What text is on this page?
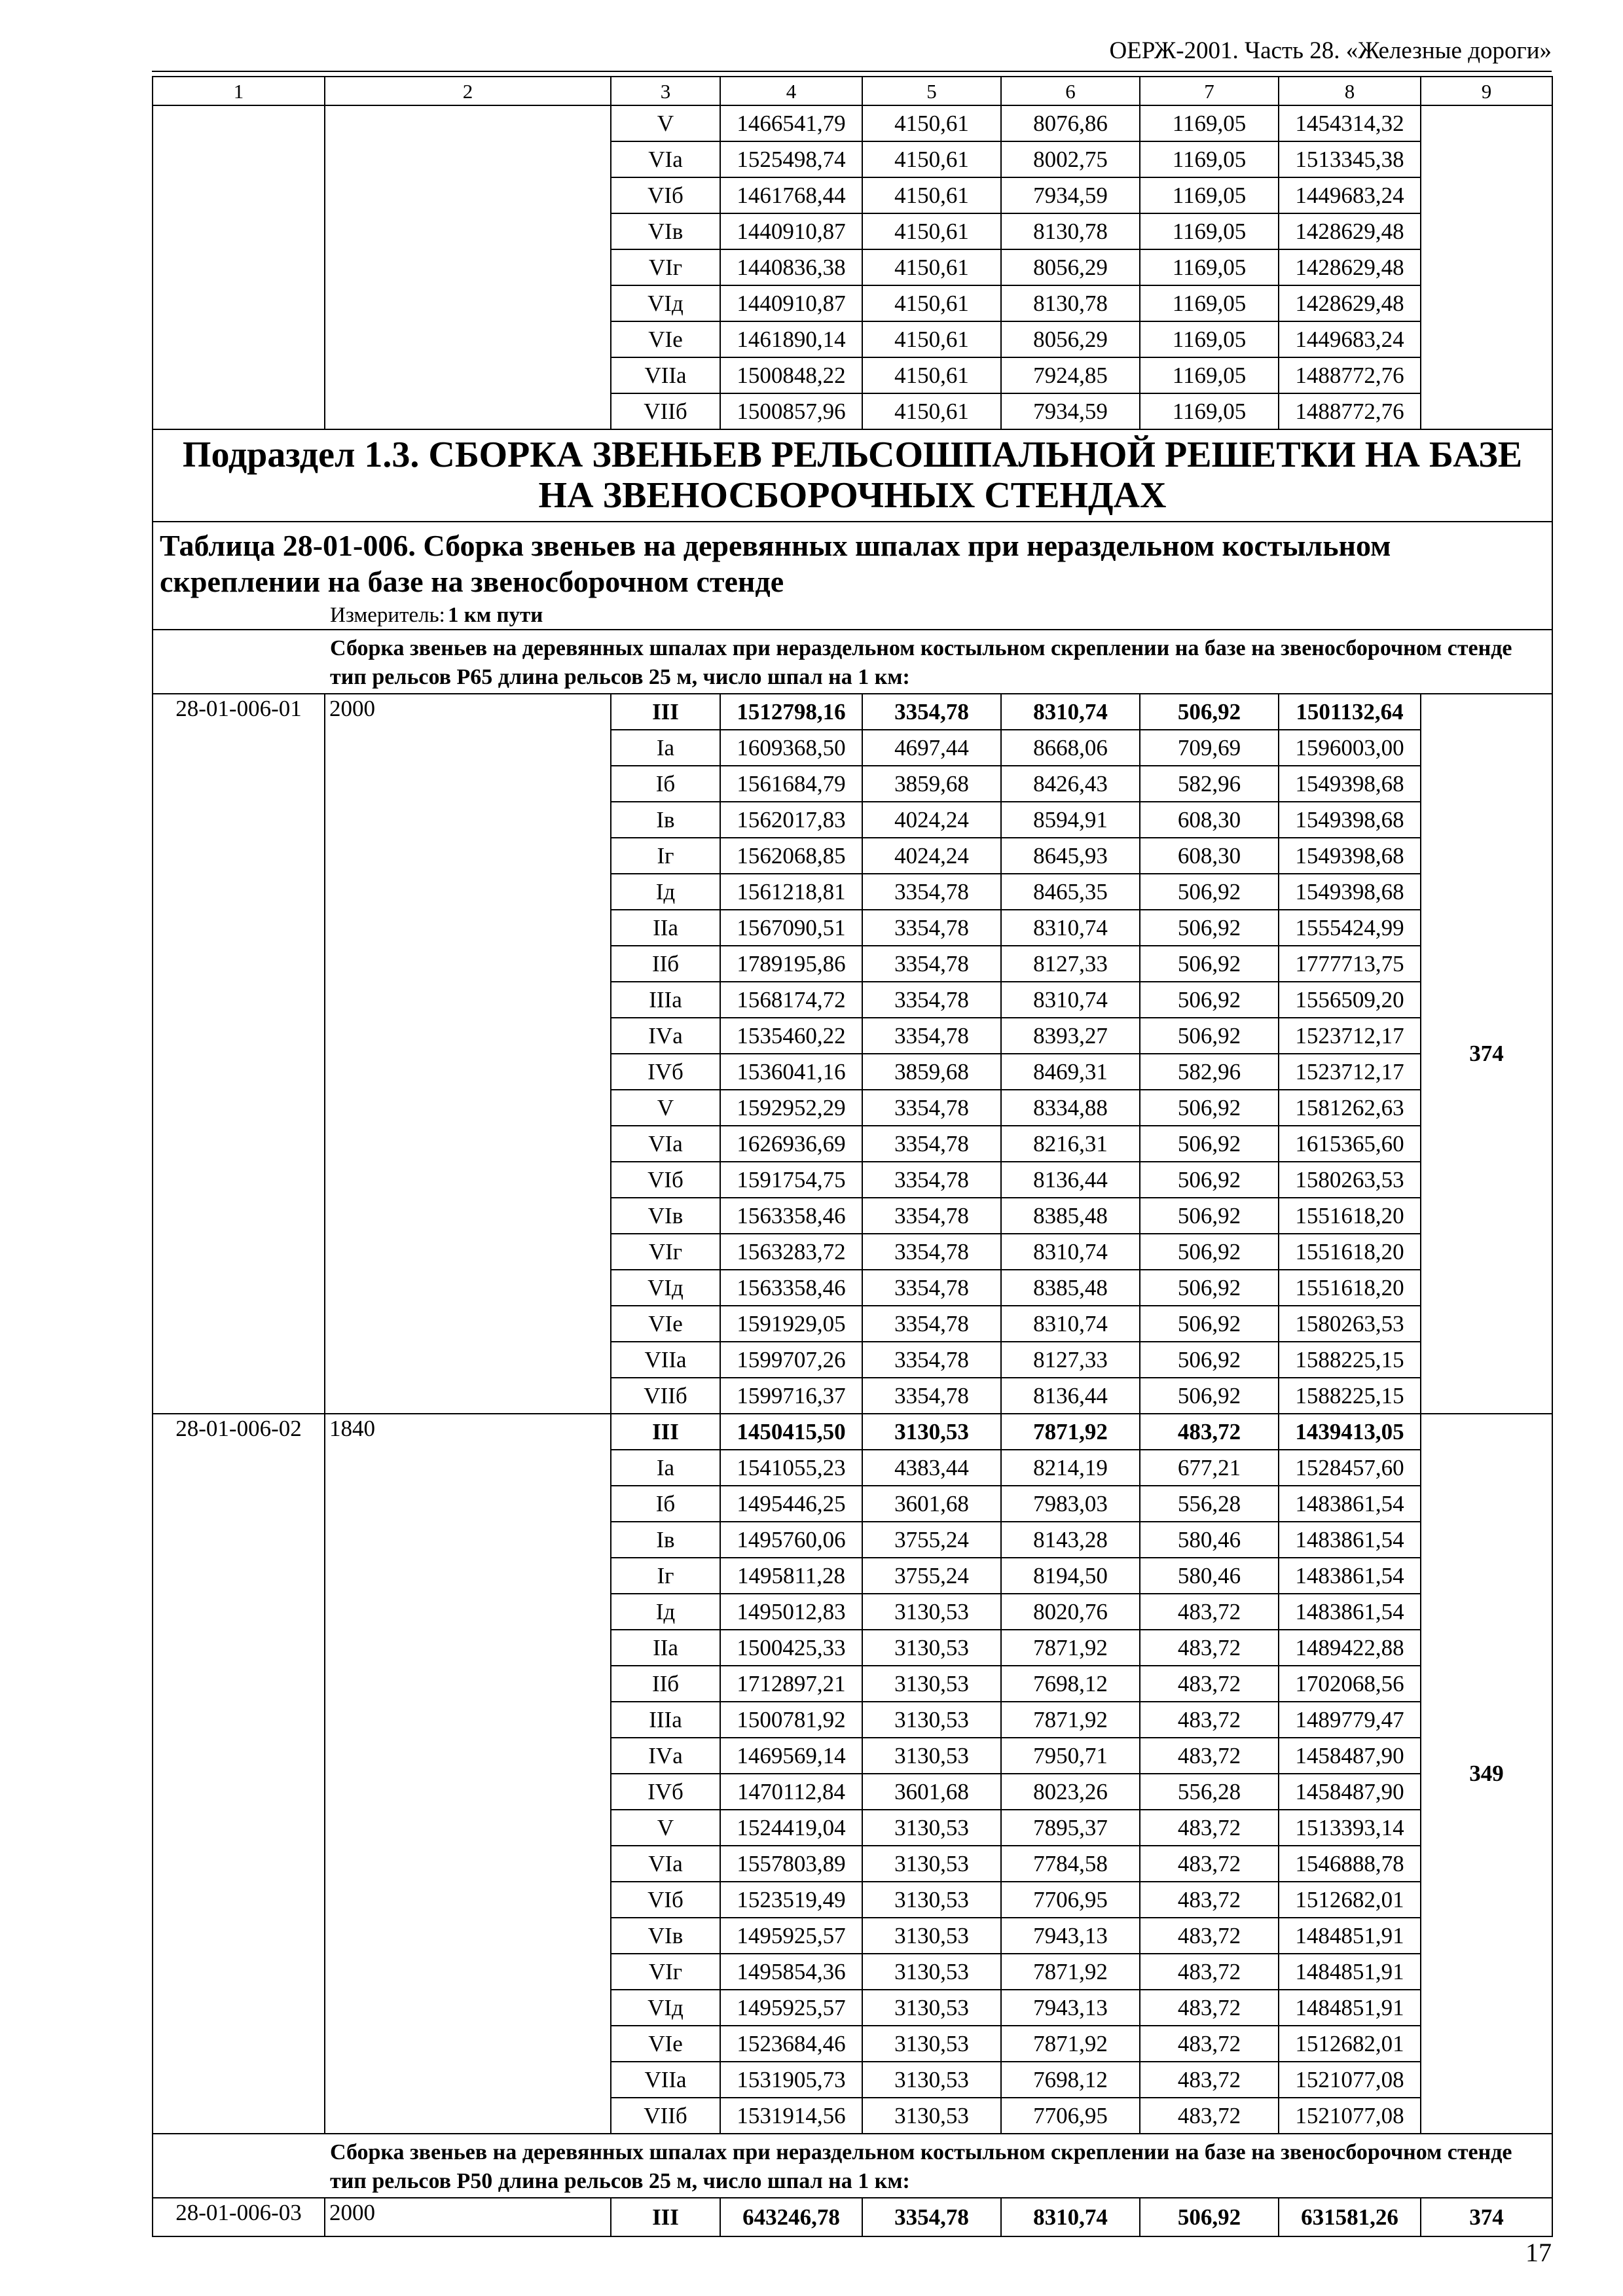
ОЕРЖ-2001. Часть 28. «Железные дороги»
1	2	3	4	5	6	7	8	9
		V	1466541,79	4150,61	8076,86	1169,05	1454314,32	
		VIа	1525498,74	4150,61	8002,75	1169,05	1513345,38	
		VIб	1461768,44	4150,61	7934,59	1169,05	1449683,24	
		VIв	1440910,87	4150,61	8130,78	1169,05	1428629,48	
		VIг	1440836,38	4150,61	8056,29	1169,05	1428629,48	
		VIд	1440910,87	4150,61	8130,78	1169,05	1428629,48	
		VIе	1461890,14	4150,61	8056,29	1169,05	1449683,24	
		VIIа	1500848,22	4150,61	7924,85	1169,05	1488772,76	
		VIIб	1500857,96	4150,61	7934,59	1169,05	1488772,76	
Подраздел 1.3. СБОРКА ЗВЕНЬЕВ РЕЛЬСОШПАЛЬНОЙ РЕШЕТКИ НА БАЗЕ НА ЗВЕНОСБОРОЧНЫХ СТЕНДАХ								
Таблица 28-01-006. Сборка звеньев на деревянных шпалах при нераздельном костыльном скреплении на базе на звеносборочном стенде								
Измеритель: 1 км пути								
Сборка звеньев на деревянных шпалах при нераздельном костыльном скреплении на базе на звеносборочном стенде тип рельсов Р65 длина рельсов 25 м, число шпал на 1 км:								
28-01-006-01	2000	III	1512798,16	3354,78	8310,74	506,92	1501132,64	374
		Iа	1609368,50	4697,44	8668,06	709,69	1596003,00	
		Iб	1561684,79	3859,68	8426,43	582,96	1549398,68	
		Iв	1562017,83	4024,24	8594,91	608,30	1549398,68	
		Iг	1562068,85	4024,24	8645,93	608,30	1549398,68	
		Iд	1561218,81	3354,78	8465,35	506,92	1549398,68	
		IIа	1567090,51	3354,78	8310,74	506,92	1555424,99	
		IIб	1789195,86	3354,78	8127,33	506,92	1777713,75	
		IIIа	1568174,72	3354,78	8310,74	506,92	1556509,20	
		IVа	1535460,22	3354,78	8393,27	506,92	1523712,17	
		IVб	1536041,16	3859,68	8469,31	582,96	1523712,17	
		V	1592952,29	3354,78	8334,88	506,92	1581262,63	
		VIа	1626936,69	3354,78	8216,31	506,92	1615365,60	
		VIб	1591754,75	3354,78	8136,44	506,92	1580263,53	
		VIв	1563358,46	3354,78	8385,48	506,92	1551618,20	
		VIг	1563283,72	3354,78	8310,74	506,92	1551618,20	
		VIд	1563358,46	3354,78	8385,48	506,92	1551618,20	
		VIе	1591929,05	3354,78	8310,74	506,92	1580263,53	
		VIIа	1599707,26	3354,78	8127,33	506,92	1588225,15	
		VIIб	1599716,37	3354,78	8136,44	506,92	1588225,15	
28-01-006-02	1840	III	1450415,50	3130,53	7871,92	483,72	1439413,05	349
		Iа	1541055,23	4383,44	8214,19	677,21	1528457,60	
		Iб	1495446,25	3601,68	7983,03	556,28	1483861,54	
		Iв	1495760,06	3755,24	8143,28	580,46	1483861,54	
		Iг	1495811,28	3755,24	8194,50	580,46	1483861,54	
		Iд	1495012,83	3130,53	8020,76	483,72	1483861,54	
		IIа	1500425,33	3130,53	7871,92	483,72	1489422,88	
		IIб	1712897,21	3130,53	7698,12	483,72	1702068,56	
		IIIа	1500781,92	3130,53	7871,92	483,72	1489779,47	
		IVа	1469569,14	3130,53	7950,71	483,72	1458487,90	
		IVб	1470112,84	3601,68	8023,26	556,28	1458487,90	
		V	1524419,04	3130,53	7895,37	483,72	1513393,14	
		VIа	1557803,89	3130,53	7784,58	483,72	1546888,78	
		VIб	1523519,49	3130,53	7706,95	483,72	1512682,01	
		VIв	1495925,57	3130,53	7943,13	483,72	1484851,91	
		VIг	1495854,36	3130,53	7871,92	483,72	1484851,91	
		VIд	1495925,57	3130,53	7943,13	483,72	1484851,91	
		VIе	1523684,46	3130,53	7871,92	483,72	1512682,01	
		VIIа	1531905,73	3130,53	7698,12	483,72	1521077,08	
		VIIб	1531914,56	3130,53	7706,95	483,72	1521077,08	
Сборка звеньев на деревянных шпалах при нераздельном костыльном скреплении на базе на звеносборочном стенде тип рельсов Р50 длина рельсов 25 м, число шпал на 1 км:								
28-01-006-03	2000	III	643246,78	3354,78	8310,74	506,92	631581,26	374
17
